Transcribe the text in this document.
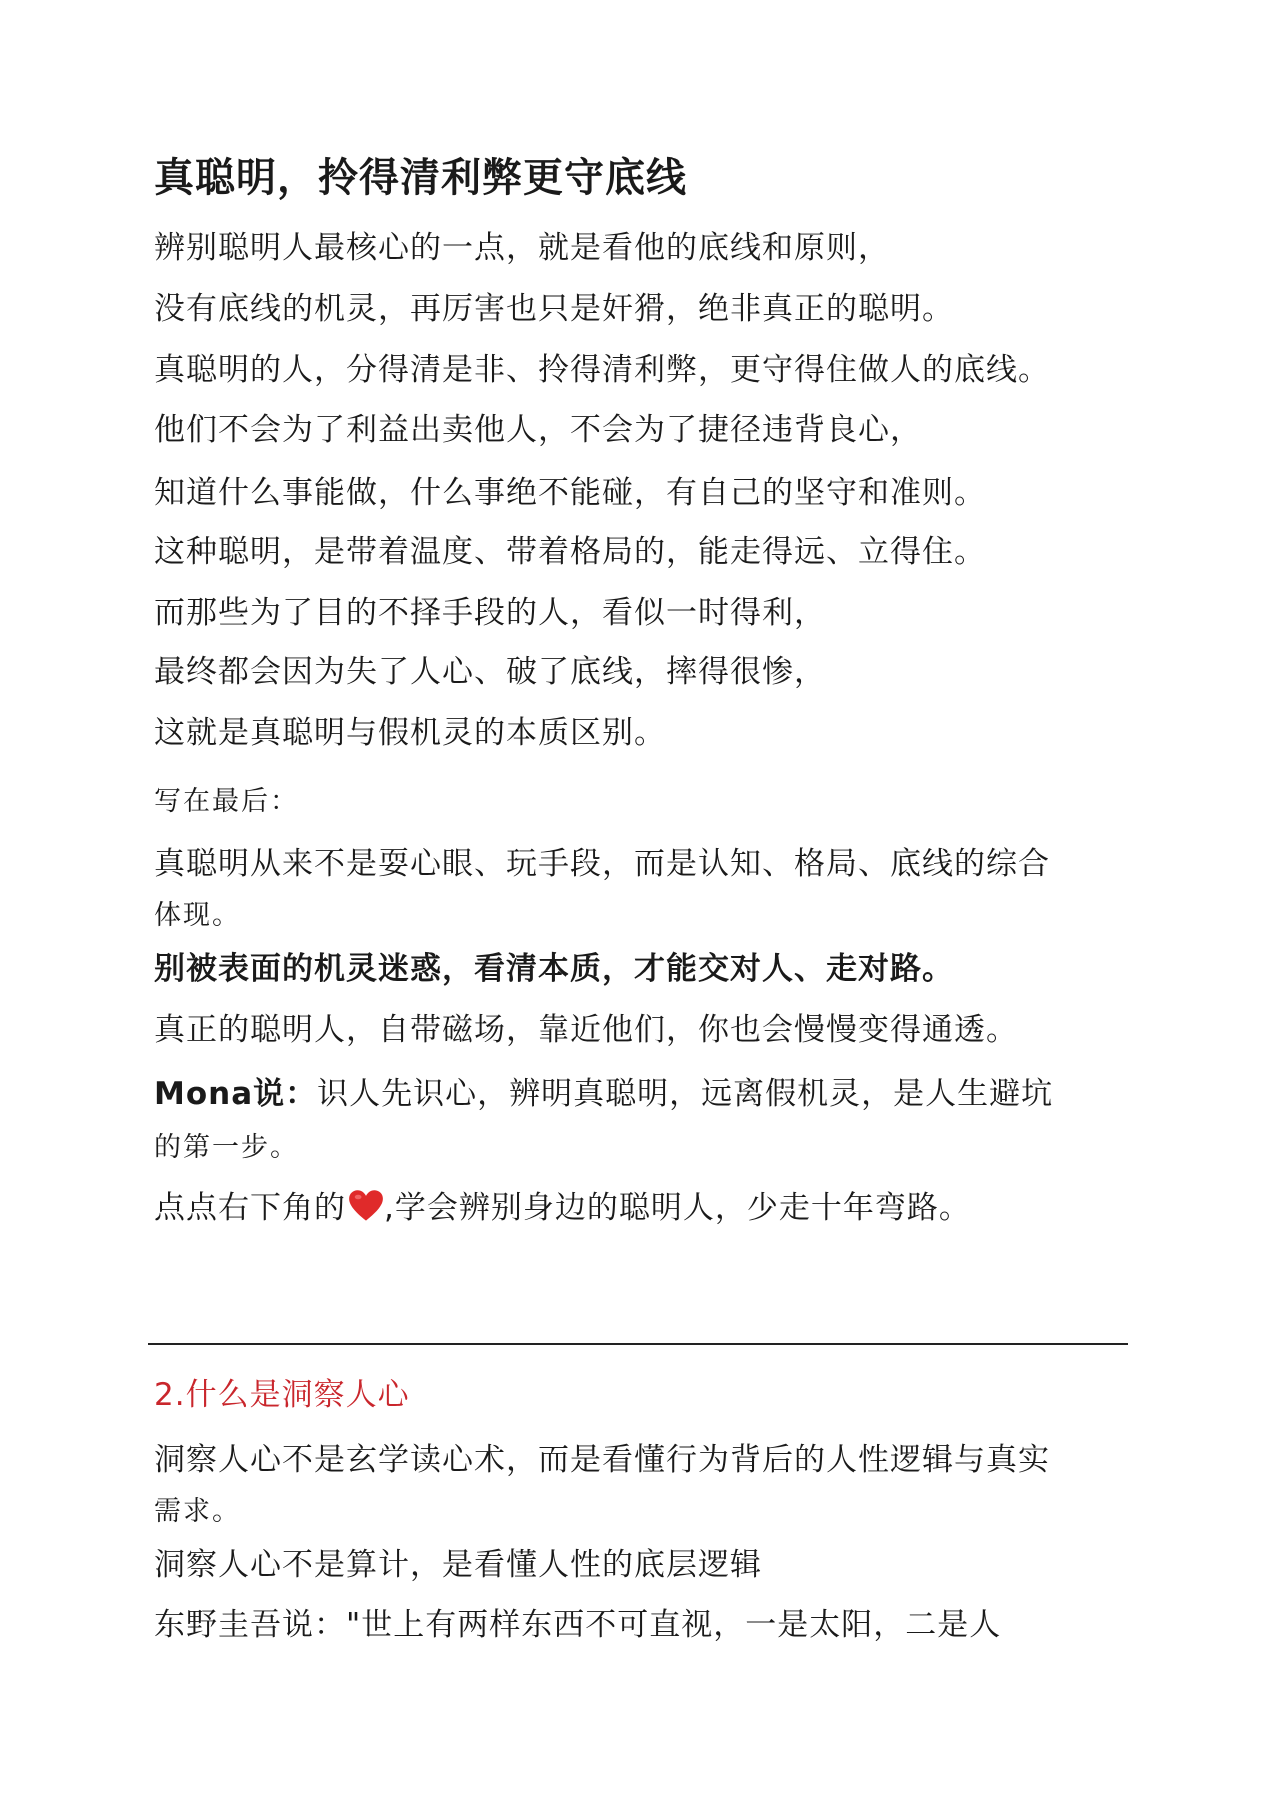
真聪明，拎得清利弊更守底线
辨别聪明人最核心的一点，就是看他的底线和原则，
没有底线的机灵，再厉害也只是奸猾，绝非真正的聪明。
真聪明的人，分得清是非、拎得清利弊，更守得住做人的底线。
他们不会为了利益出卖他人，不会为了捷径违背良心，
知道什么事能做，什么事绝不能碰，有自己的坚守和准则。
这种聪明，是带着温度、带着格局的，能走得远、立得住。
而那些为了目的不择手段的人，看似一时得利，
最终都会因为失了人心、破了底线，摔得很惨，
这就是真聪明与假机灵的本质区别。
写在最后：
真聪明从来不是耍心眼、玩手段，而是认知、格局、底线的综合
体现。
别被表面的机灵迷惑，看清本质，才能交对人、走对路。
真正的聪明人，自带磁场，靠近他们，你也会慢慢变得通透。
Mona说：识人先识心，辨明真聪明，远离假机灵，是人生避坑
的第一步。
点点右下角的 ,学会辨别身边的聪明人，少走十年弯路。
2.什么是洞察人心
洞察人心不是玄学读心术，而是看懂行为背后的人性逻辑与真实
需求。
洞察人心不是算计，是看懂人性的底层逻辑
东野圭吾说："世上有两样东西不可直视，一是太阳，二是人
